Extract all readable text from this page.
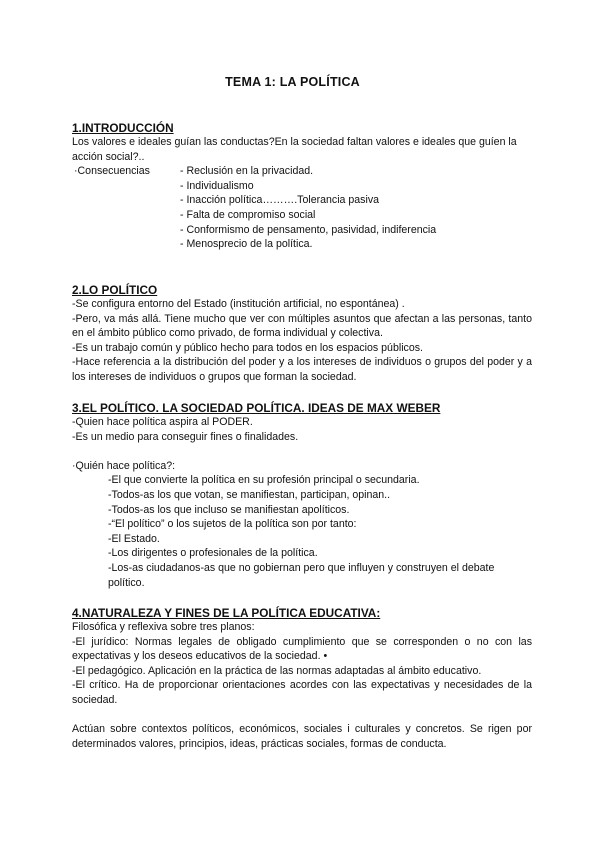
TEMA 1: LA POLÍTICA
1.INTRODUCCIÓN

Los valores e ideales guían las conductas?En la sociedad faltan valores e ideales que guíen la acción social?..

·Consecuencias	- Reclusión en la privacidad.
- Individualismo
- Inacción política……….Tolerancia pasiva
- Falta de compromiso social
- Conformismo de pensamento, pasividad, indiferencia
- Menosprecio de la política.
2.LO POLÍTICO

-Se configura entorno del Estado (institución artificial, no espontánea) .

-Pero, va más allá. Tiene mucho que ver con múltiples asuntos que afectan a las personas, tanto en el ámbito público como privado, de forma individual y colectiva.

-Es un trabajo común y público hecho para todos en los espacios públicos.

-Hace referencia a la distribución del poder y a los intereses de individuos o grupos del poder y a los intereses de individuos o grupos que forman la sociedad.

3.EL POLÍTICO. LA SOCIEDAD POLÍTICA. IDEAS DE MAX WEBER

-Quien hace política aspira al PODER.

-Es un medio para conseguir fines o finalidades.

·Quién hace política?:

-El que convierte la política en su profesión principal o secundaria.

-Todos-as los que votan, se manifiestan, participan, opinan..

-Todos-as los que incluso se manifiestan apolíticos.

-“El político” o los sujetos de la política son por tanto:

-El Estado.

-Los dirigentes o profesionales de la política.

-Los-as ciudadanos-as que no gobiernan pero que influyen y construyen el debate político.

4.NATURALEZA Y FINES DE LA POLÍTICA EDUCATIVA:

Filosófica y reflexiva sobre tres planos:

-El jurídico: Normas legales de obligado cumplimiento que se corresponden o no con las expectativas y los deseos educativos de la sociedad. •

-El pedagógico. Aplicación en la práctica de las normas adaptadas al ámbito educativo.

-El crítico. Ha de proporcionar orientaciones acordes con las expectativas y necesidades de la sociedad.

Actúan sobre contextos políticos, económicos, sociales i culturales y concretos. Se rigen por determinados valores, principios, ideas, prácticas sociales, formas de conducta.
